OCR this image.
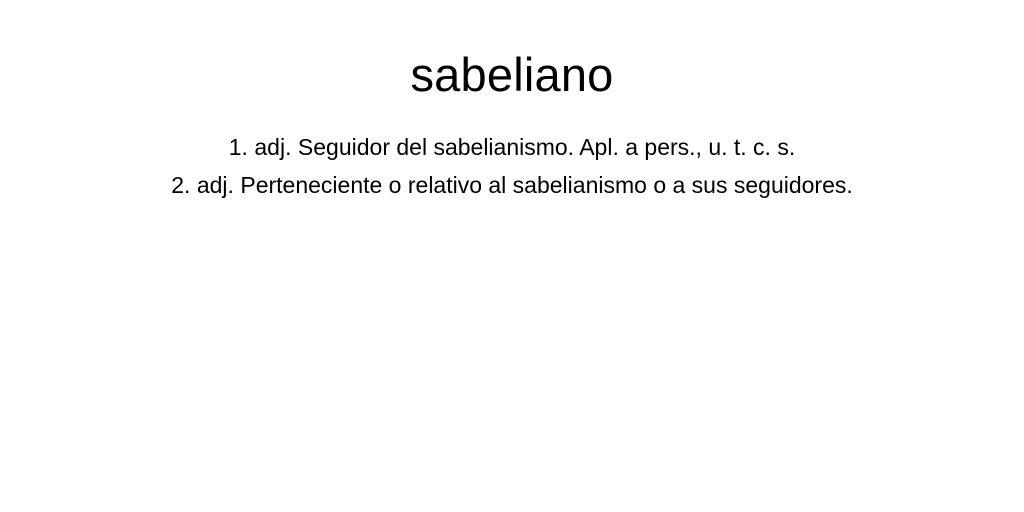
sabeliano
1. adj. Seguidor del sabelianismo. Apl. a pers., u. t. c. s.
2. adj. Perteneciente o relativo al sabelianismo o a sus seguidores.
